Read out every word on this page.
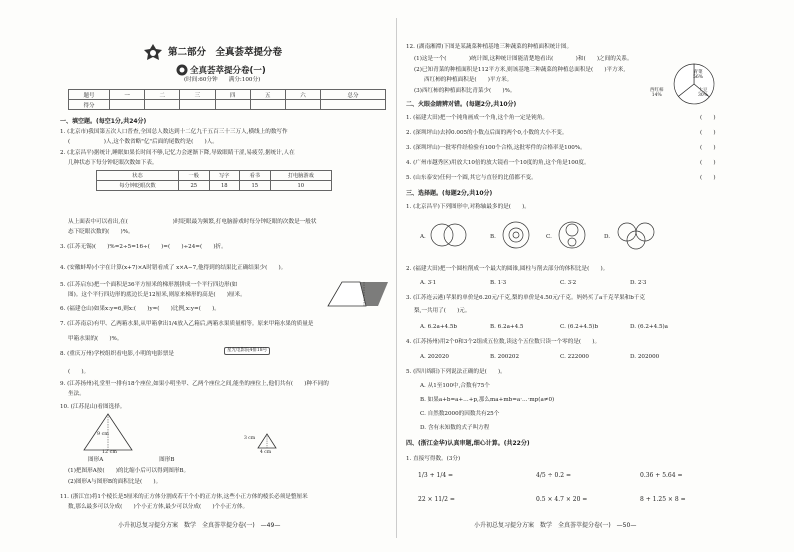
第二部分　全真荟萃提分卷
全真荟萃提分卷(一)
(时间:60分钟　　满分:100分)
题号	一	二	三	四	五	六	总分
得分							
一、填空题。(每空1分,共24分)
1. (北京市)我国第五次人口普查,全国总人数达到十二亿九千五百三十三万人,横线上的数写作
(　　　　　　)人,这个数省略"亿"后面的尾数约是(　　)人。
2. (北京昌平)据统计,睡眠如果长时间不够,记忆力会逐渐下降,导致眼睛干涩,易疲劳,据统计,人在
几种状态下每分钟眨眼次数如下表。
状态	一般	写字	看书	打电脑游戏
每分钟眨眼次数	25	18	15	10
从上面表中可以看出,在(　　　　　　　　)时眨眼最为频繁,打电脑游戏时每分钟眨眼的次数是一般状
态下眨眼次数的(　　)%。
3. (江苏无锡)(　　)%=2÷5=16÷(　　)=(　　)÷24=(　　)折。
4. (安徽蚌埠)小宇在计算(x+7)×A时错看成了 x×A−7,他得到的结果比正确结果少(　　)。
5. (江苏启东)把一个面积是36平方厘米的梯形割拼成一个平行四边形(如
图)。这个平行四边形的底边长是12厘米,则原来梯形的高是(　　)厘米。
6. (福建仓山)如果x:y=6,则x:(　　)y=(　　)比例,x:y=(　　)。
7. (江苏南京)有甲、乙两箱水果,从甲箱拿出1/4放入乙箱后,两箱水果质量相等。原来甲箱水果的质量是
甲箱水果的(　　)%。
8. (重庆万州)学校组织看电影,小明的电影票是
星光电影院4排18号
(　　)。
9. (江苏扬州)礼堂里一排有18个座位,如果小明坐甲、乙两个座位之间,能坐的座位上,他们共有(　　)种不同的
坐法。
10. (江苏昆山)看图选择。
9 cm
12 cm
3 cm
4 cm
图形A　　　　　　　　　　图形B
(1)把图形A按(　　)的比缩小后可以得到图形B。
(2)图形A与图形B的面积比是(　　)。
11. (浙江宜)将1个棱长是5厘米的正方体分割成若干个小的正方体,这些小正方体的棱长必须是整厘米
数,那么最多可以分成(　　)个小正方体,最少可以分成(　　)个小正方体。
小升初总复习提分方案　数学　全真荟萃提分卷(一)　—49—
12. (湖南湘潭)下图是某蔬菜种植基地三种蔬菜的种植面积统计图。
(1)这是一个(　　　　)统计图,这种统计图能清楚地看出(　　　　)和(　　)之间的关系。
(2)已知青菜的种植面积是112平方米,则该基地三种蔬菜的种植总面积是(　　)平方米,
西红柿的种植面积是(　　)平方米。
(3)西红柿的种植面积比青菜少(　　)%。
青菜
56%
土豆
30%
西红柿
14%
二、火眼金睛辨对错。(每题2分,共10分)
1. (福建大田)把一个钝角画成一个角,这个角一定是钝角。
2. (深圳坪山)去掉0.005的小数点后面的两个0,小数的大小不变。
3. (深圳坪山)一批零件经检验有100个合格,这批零件的合格率是100%。
4. (广州市越秀区)用放大10倍的放大镜看一个10度的角,这个角是100度。
5. (山东泰安)任何一个圆,其它与直径的比值都不变。
(　　)
(　　)
(　　)
(　　)
(　　)
三、选择题。(每题2分,共10分)
1. (北京昌平)下列图形中,对称轴最多的是(　　)。
A.	B.	C.	D.
2. (福建大田)把一个圆柱削成一个最大的圆锥,圆柱与削去部分的体积比是(　　)。
A. 3∶1	B. 1∶3	C. 3∶2	D. 2∶3
3. (江苏连云港)苹果的单价是6.20元/千克,梨的单价是4.50元/千克。妈妈买了a千克苹果和b千克
梨,一共用了(　　)元。
A. 6.2a+4.5b	B. 6.2a+4.5	C. (6.2+4.5)b	D. (6.2+4.5)a
4. (江苏扬州)用2个0和3个2组成五位数,读这个五位数只读一个零的是(　　)。
A. 202020	B. 200202	C. 222000	D. 202000
5. (四川绵阳)下列说法正确的是(　　)。
A. 从1至100中,合数有75个
B. 如果a+b=a+…+p,那么ma+mb=a·…·mp(a≠0)
C. 自然数2000的因数共有25个
D. 含有未知数的式子叫方程
四、(浙江金华)认真审题,细心计算。(共22分)
1. 直接写得数。(3分)
1/3 + 1/4 =	4/5 ÷ 0.2 =	0.36 + 5.64 =
22 × 11/2 =	0.5 × 4.7 × 20 =	8 + 1.25 × 8 =
小升初总复习提分方案　数学　全真荟萃提分卷(一)　—50—
